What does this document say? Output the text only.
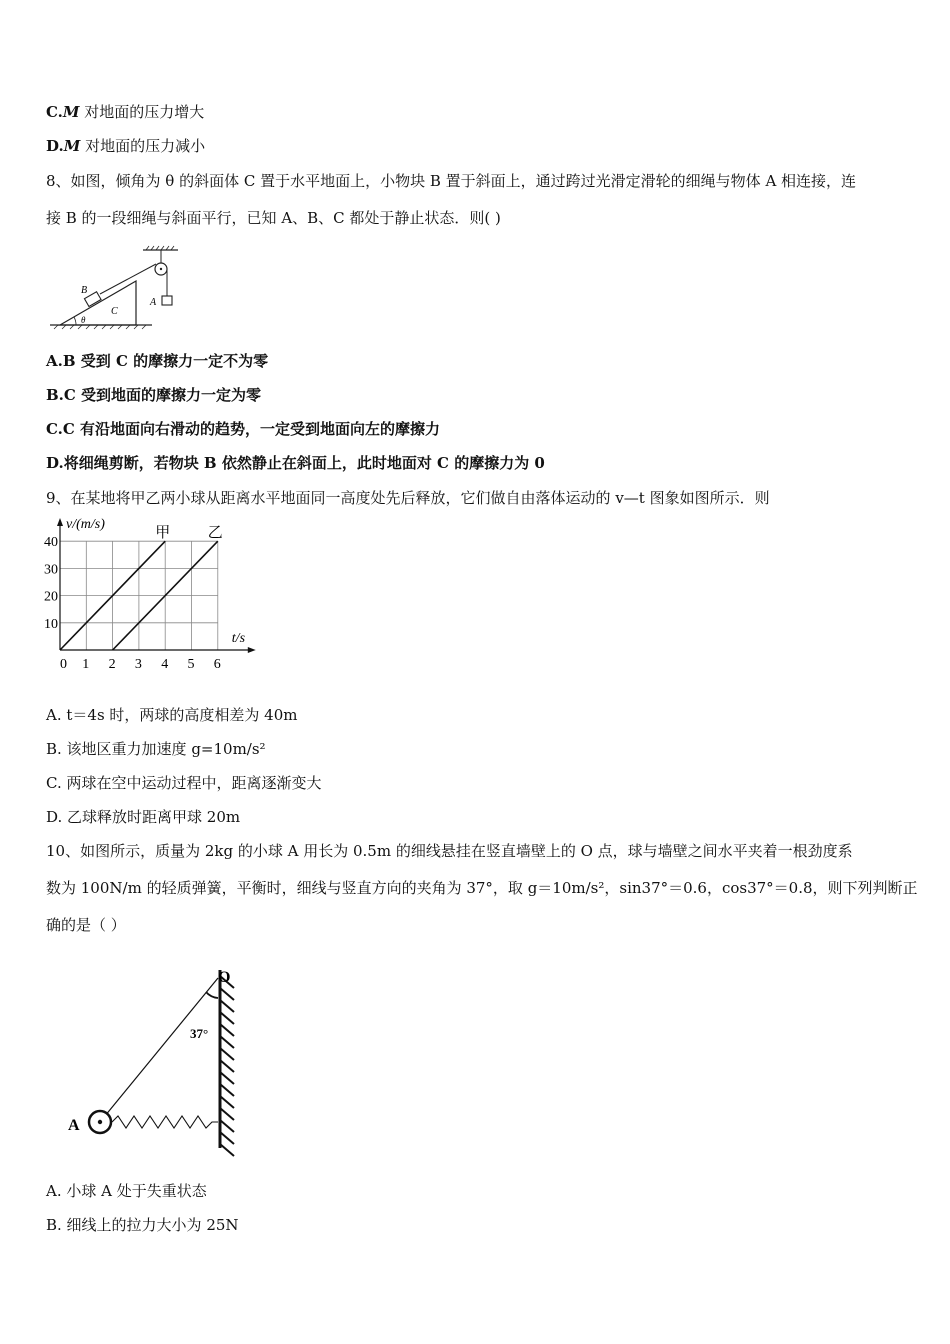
C.M 对地面的压力增大
D.M 对地面的压力减小
8、如图，倾角为 θ 的斜面体 C 置于水平地面上，小物块 B 置于斜面上，通过跨过光滑定滑轮的细绳与物体 A 相连接，连
接 B 的一段细绳与斜面平行，已知 A、B、C 都处于静止状态．则( )
B
C
A
θ
A.B 受到 C 的摩擦力一定不为零
B.C 受到地面的摩擦力一定为零
C.C 有沿地面向右滑动的趋势，一定受到地面向左的摩擦力
D.将细绳剪断，若物块 B 依然静止在斜面上，此时地面对 C 的摩擦力为 0
9、在某地将甲乙两小球从距离水平地面同一高度处先后释放，它们做自由落体运动的 v—t 图象如图所示．则
v/(m/s)
t/s
0 1 2 3 4 5 6
10
20
30
40
甲	乙
A. t＝4s 时，两球的高度相差为 40m
B. 该地区重力加速度 g=10m/s²
C. 两球在空中运动过程中，距离逐渐变大
D. 乙球释放时距离甲球 20m
10、如图所示，质量为 2kg 的小球 A 用长为 0.5m 的细线悬挂在竖直墙壁上的 O 点，球与墙壁之间水平夹着一根劲度系
数为 100N/m 的轻质弹簧，平衡时，细线与竖直方向的夹角为 37°，取 g＝10m/s²，sin37°＝0.6，cos37°＝0.8，则下列判断正
确的是（ ）
O
37°
A
A. 小球 A 处于失重状态
B. 细线上的拉力大小为 25N
